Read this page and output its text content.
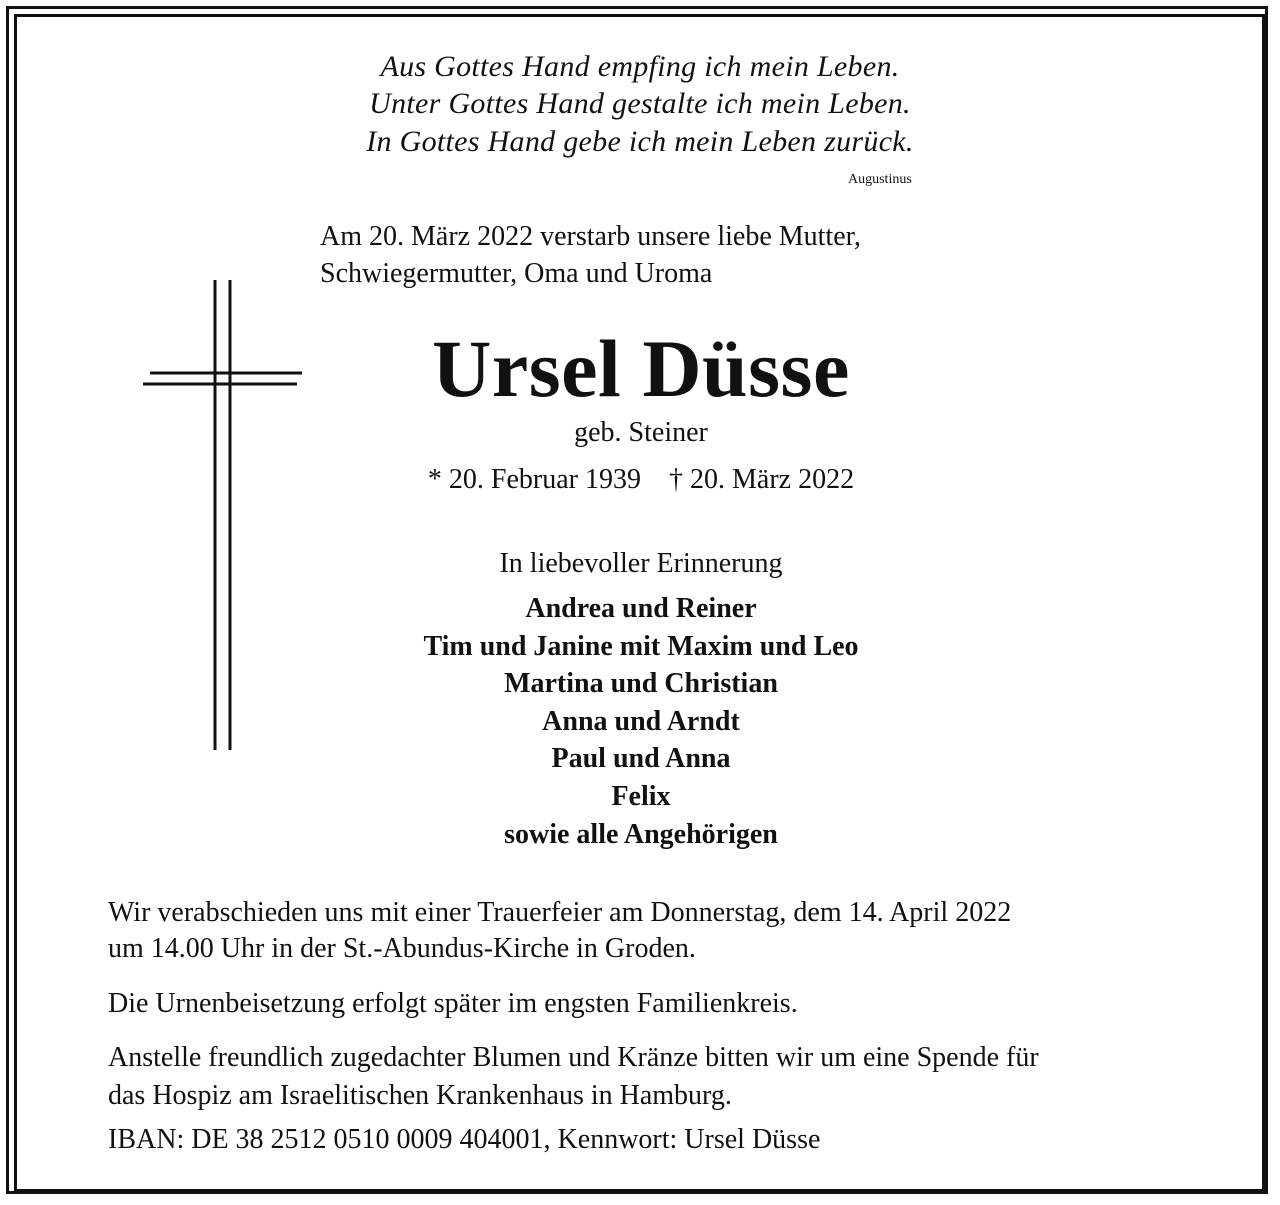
Aus Gottes Hand empfing ich mein Leben.

Unter Gottes Hand gestalte ich mein Leben.

In Gottes Hand gebe ich mein Leben zurück.

Augustinus

Am 20. März 2022 verstarb unsere liebe Mutter,

Schwiegermutter, Oma und Uroma

Ursel Düsse

geb. Steiner

* 20. Februar 1939 † 20. März 2022

In liebevoller Erinnerung

Andrea und Reiner

Tim und Janine mit Maxim und Leo

Martina und Christian

Anna und Arndt

Paul und Anna

Felix

sowie alle Angehörigen

Wir verabschieden uns mit einer Trauerfeier am Donnerstag, dem 14. April 2022

um 14.00 Uhr in der St.-Abundus-Kirche in Groden.

Die Urnenbeisetzung erfolgt später im engsten Familienkreis.

Anstelle freundlich zugedachter Blumen und Kränze bitten wir um eine Spende für

das Hospiz am Israelitischen Krankenhaus in Hamburg.

IBAN: DE 38 2512 0510 0009 404001, Kennwort: Ursel Düsse
